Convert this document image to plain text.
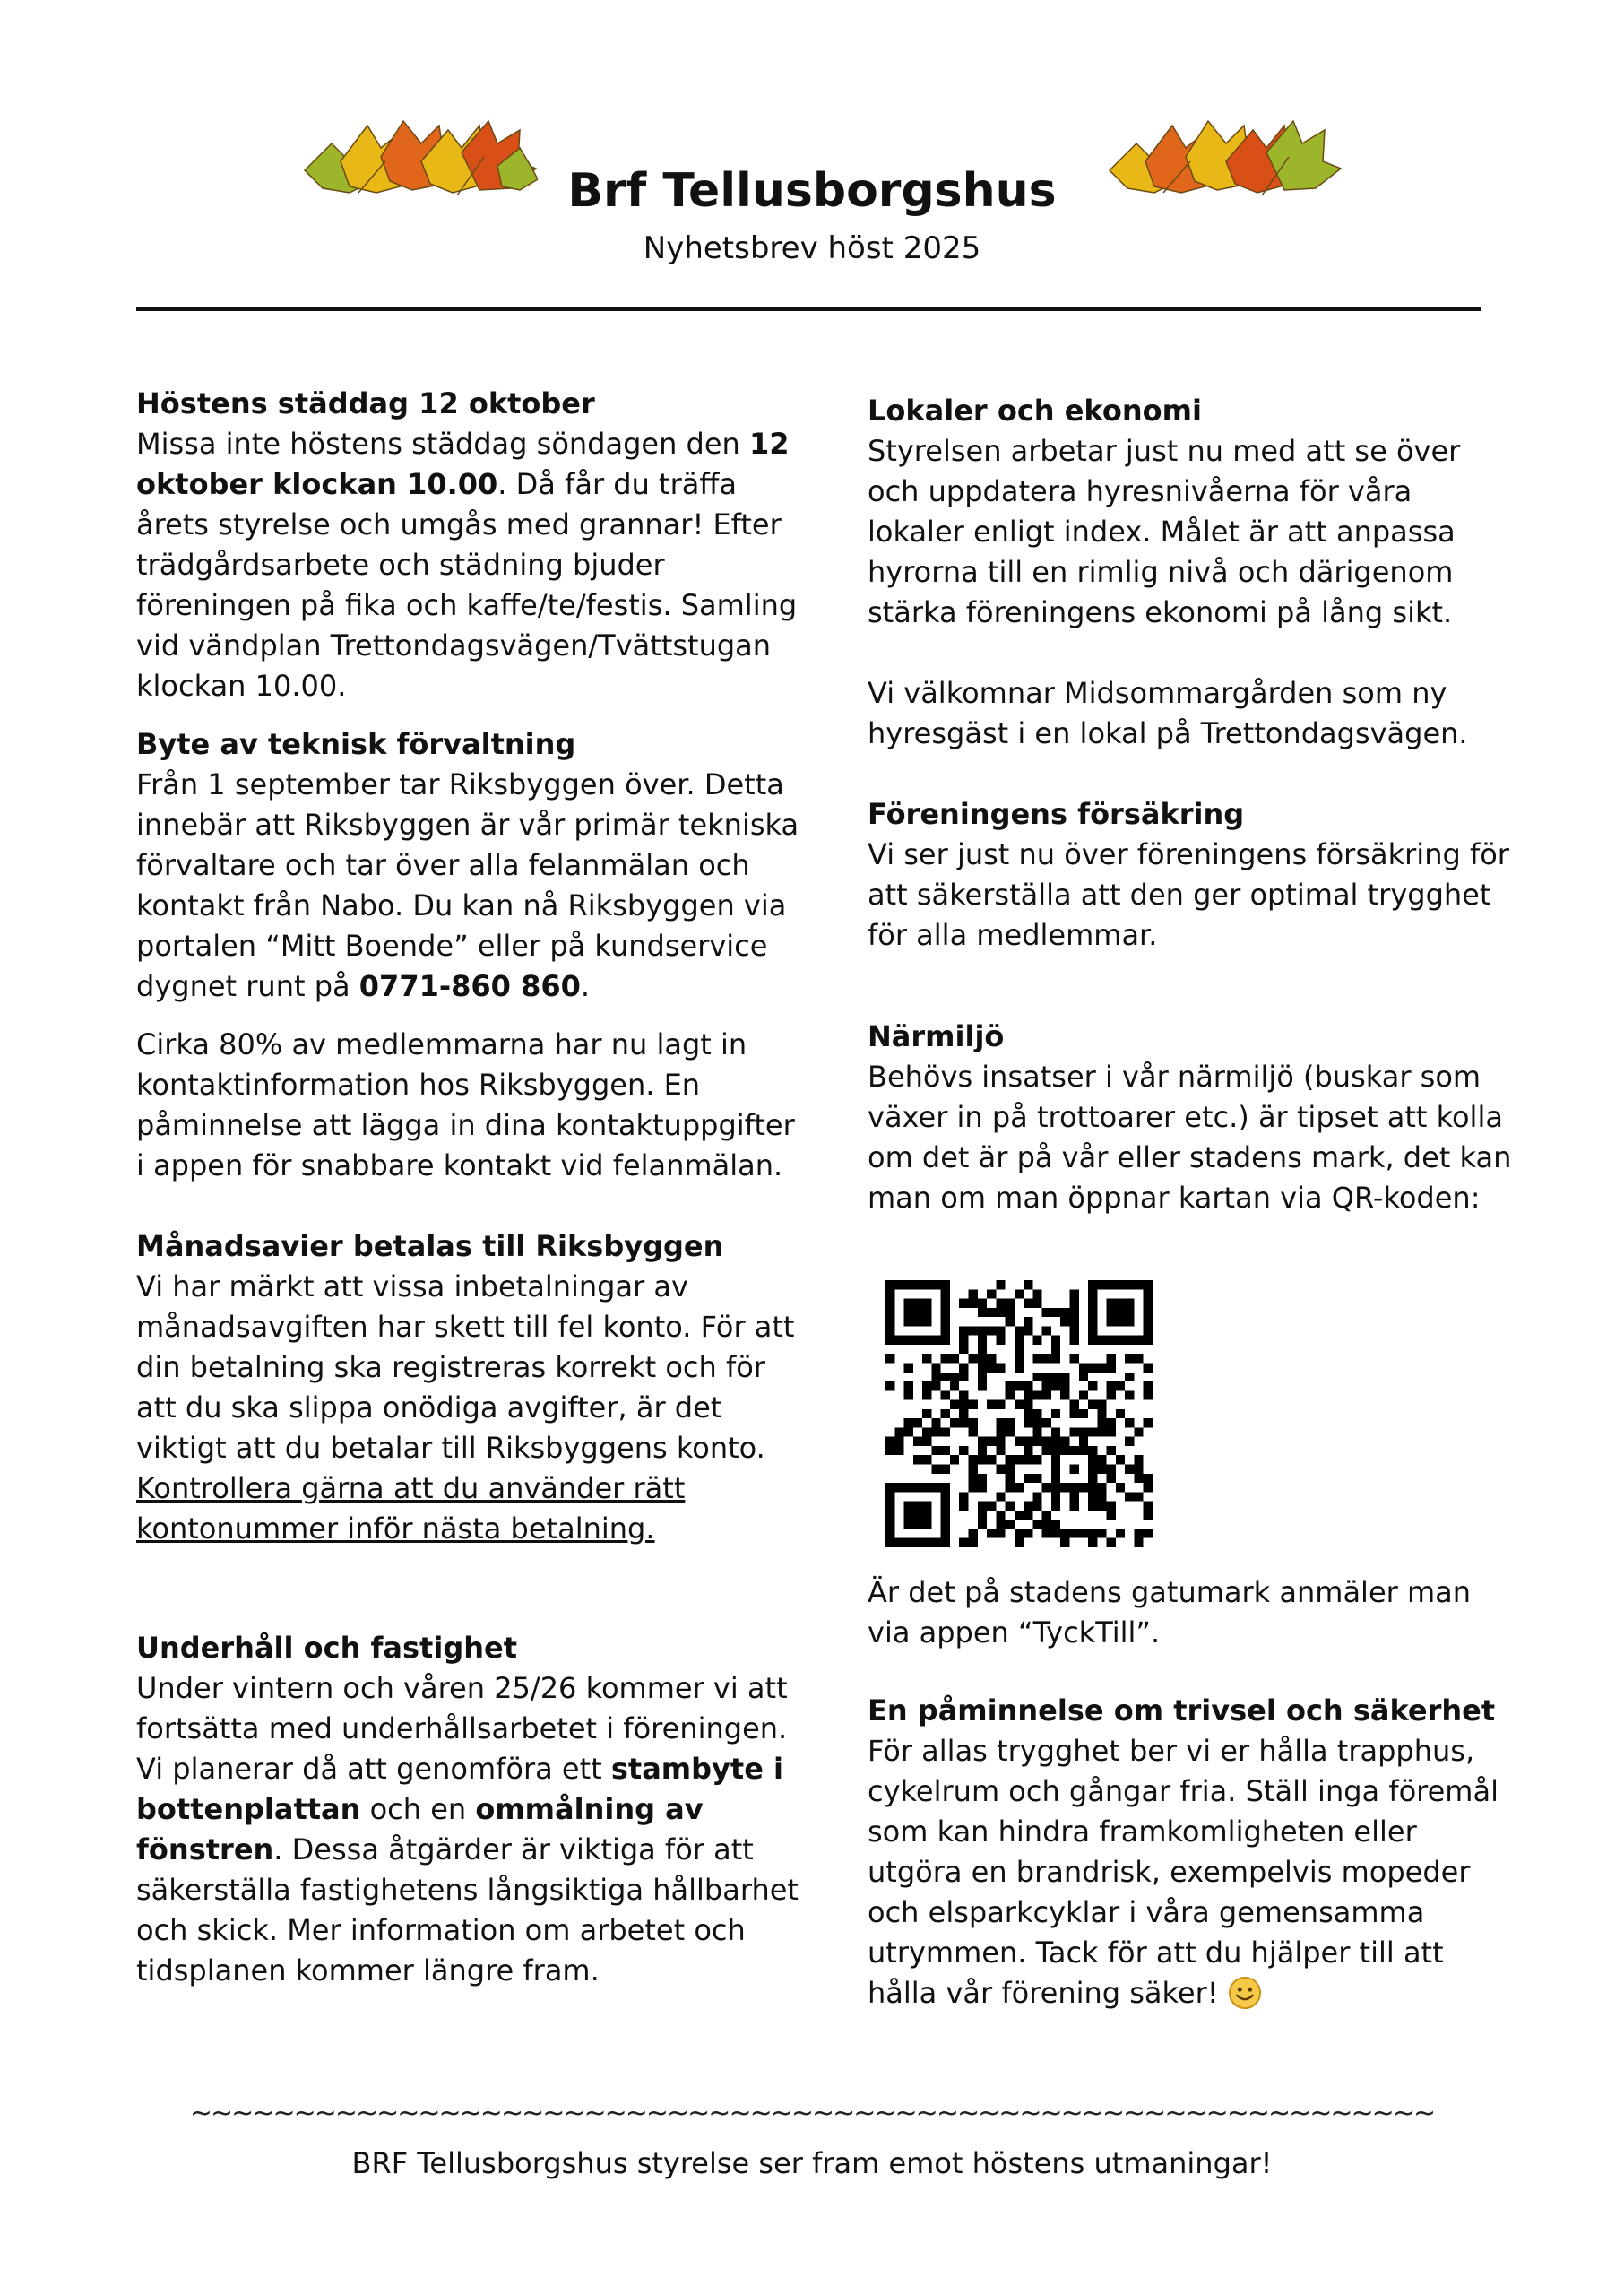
Brf Tellusborgshus
Nyhetsbrev höst 2025
Höstens städdag 12 oktober
Missa inte höstens städdag söndagen den 12 oktober klockan 10.00. Då får du träffa årets styrelse och umgås med grannar! Efter trädgårdsarbete och städning bjuder föreningen på fika och kaffe/te/festis. Samling vid vändplan Trettondagsvägen/Tvättstugan klockan 10.00.
Byte av teknisk förvaltning
Från 1 september tar Riksbyggen över. Detta innebär att Riksbyggen är vår primär tekniska förvaltare och tar över alla felanmälan och kontakt från Nabo. Du kan nå Riksbyggen via portalen “Mitt Boende” eller på kundservice dygnet runt på 0771-860 860.
Cirka 80% av medlemmarna har nu lagt in kontaktinformation hos Riksbyggen. En påminnelse att lägga in dina kontaktuppgifter i appen för snabbare kontakt vid felanmälan.
Månadsavier betalas till Riksbyggen
Vi har märkt att vissa inbetalningar av månadsavgiften har skett till fel konto. För att din betalning ska registreras korrekt och för att du ska slippa onödiga avgifter, är det viktigt att du betalar till Riksbyggens konto. Kontrollera gärna att du använder rätt kontonummer inför nästa betalning.
Underhåll och fastighet
Under vintern och våren 25/26 kommer vi att fortsätta med underhållsarbetet i föreningen. Vi planerar då att genomföra ett stambyte i bottenplattan och en ommålning av fönstren. Dessa åtgärder är viktiga för att säkerställa fastighetens långsiktiga hållbarhet och skick. Mer information om arbetet och tidsplanen kommer längre fram.
Lokaler och ekonomi
Styrelsen arbetar just nu med att se över och uppdatera hyresnivåerna för våra lokaler enligt index. Målet är att anpassa hyrorna till en rimlig nivå och därigenom stärka föreningens ekonomi på lång sikt.
Vi välkomnar Midsommargården som ny hyresgäst i en lokal på Trettondagsvägen.
Föreningens försäkring
Vi ser just nu över föreningens försäkring för att säkerställa att den ger optimal trygghet för alla medlemmar.
Närmiljö
Behövs insatser i vår närmiljö (buskar som växer in på trottoarer etc.) är tipset att kolla om det är på vår eller stadens mark, det kan man om man öppnar kartan via QR-koden:
Är det på stadens gatumark anmäler man via appen “TyckTill”.
En påminnelse om trivsel och säkerhet
För allas trygghet ber vi er hålla trapphus, cykelrum och gångar fria. Ställ inga föremål som kan hindra framkomligheten eller utgöra en brandrisk, exempelvis mopeder och elsparkcyklar i våra gemensamma utrymmen. Tack för att du hjälper till att hålla vår förening säker!
~~~~~~~~~~~~~~~~~~~~~~~~~~~~~~~~~~~~~~~~~~~~~~~~~~~~~~~~~~~~
BRF Tellusborgshus styrelse ser fram emot höstens utmaningar!
